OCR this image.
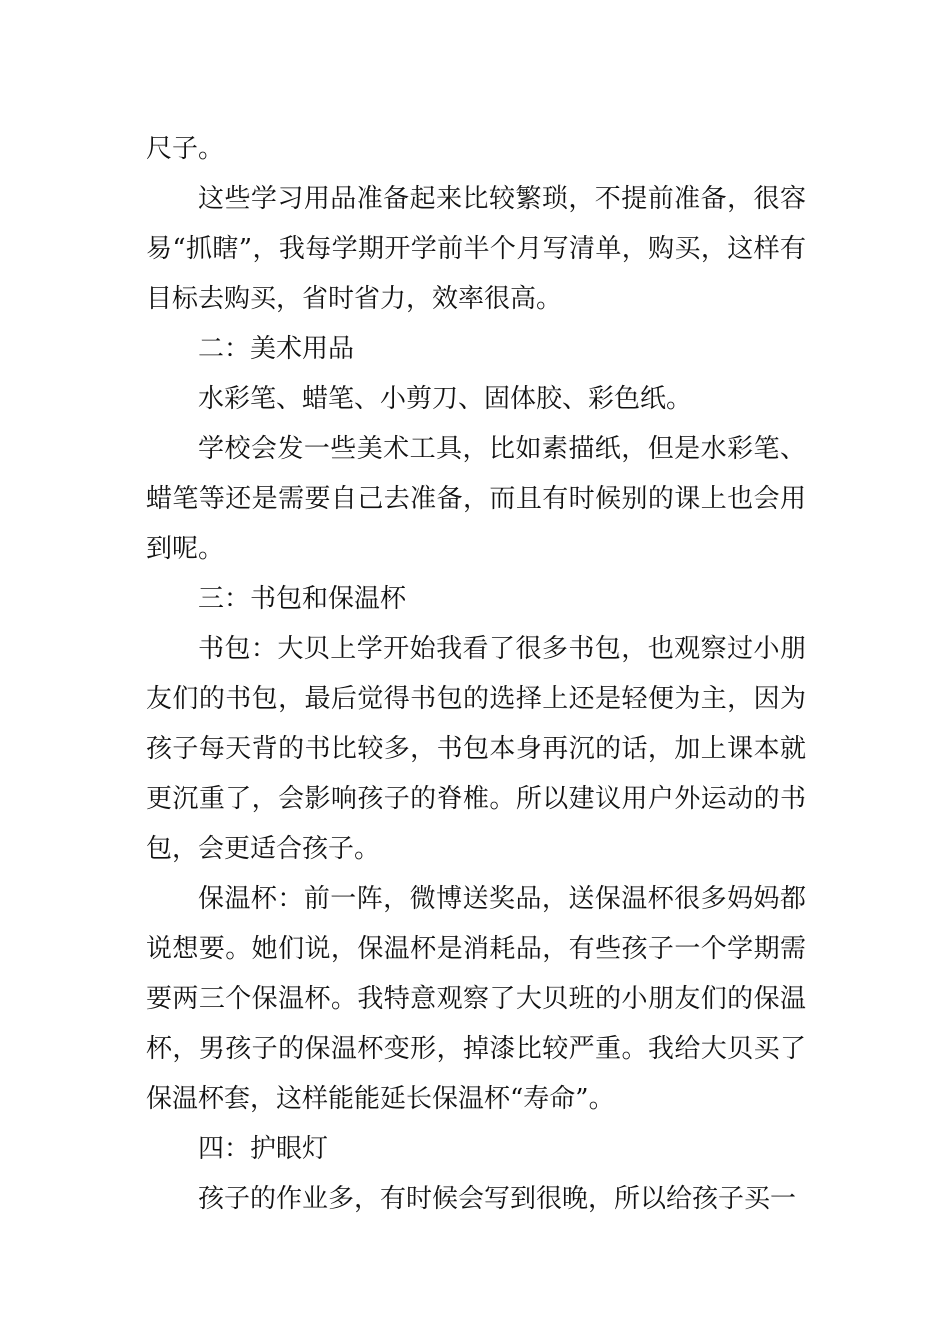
尺子。

这些学习用品准备起来比较繁琐，不提前准备，很容易“抓瞎”，我每学期开学前半个月写清单，购买，这样有目标去购买，省时省力，效率很高。

二：美术用品

水彩笔、蜡笔、小剪刀、固体胶、彩色纸。

学校会发一些美术工具，比如素描纸，但是水彩笔、蜡笔等还是需要自己去准备，而且有时候别的课上也会用到呢。

三：书包和保温杯

书包：大贝上学开始我看了很多书包，也观察过小朋友们的书包，最后觉得书包的选择上还是轻便为主，因为孩子每天背的书比较多，书包本身再沉的话，加上课本就更沉重了，会影响孩子的脊椎。所以建议用户外运动的书包，会更适合孩子。

保温杯：前一阵，微博送奖品，送保温杯很多妈妈都说想要。她们说，保温杯是消耗品，有些孩子一个学期需要两三个保温杯。我特意观察了大贝班的小朋友们的保温杯，男孩子的保温杯变形，掉漆比较严重。我给大贝买了保温杯套，这样能能延长保温杯“寿命”。

四：护眼灯

孩子的作业多，有时候会写到很晚，所以给孩子买一
